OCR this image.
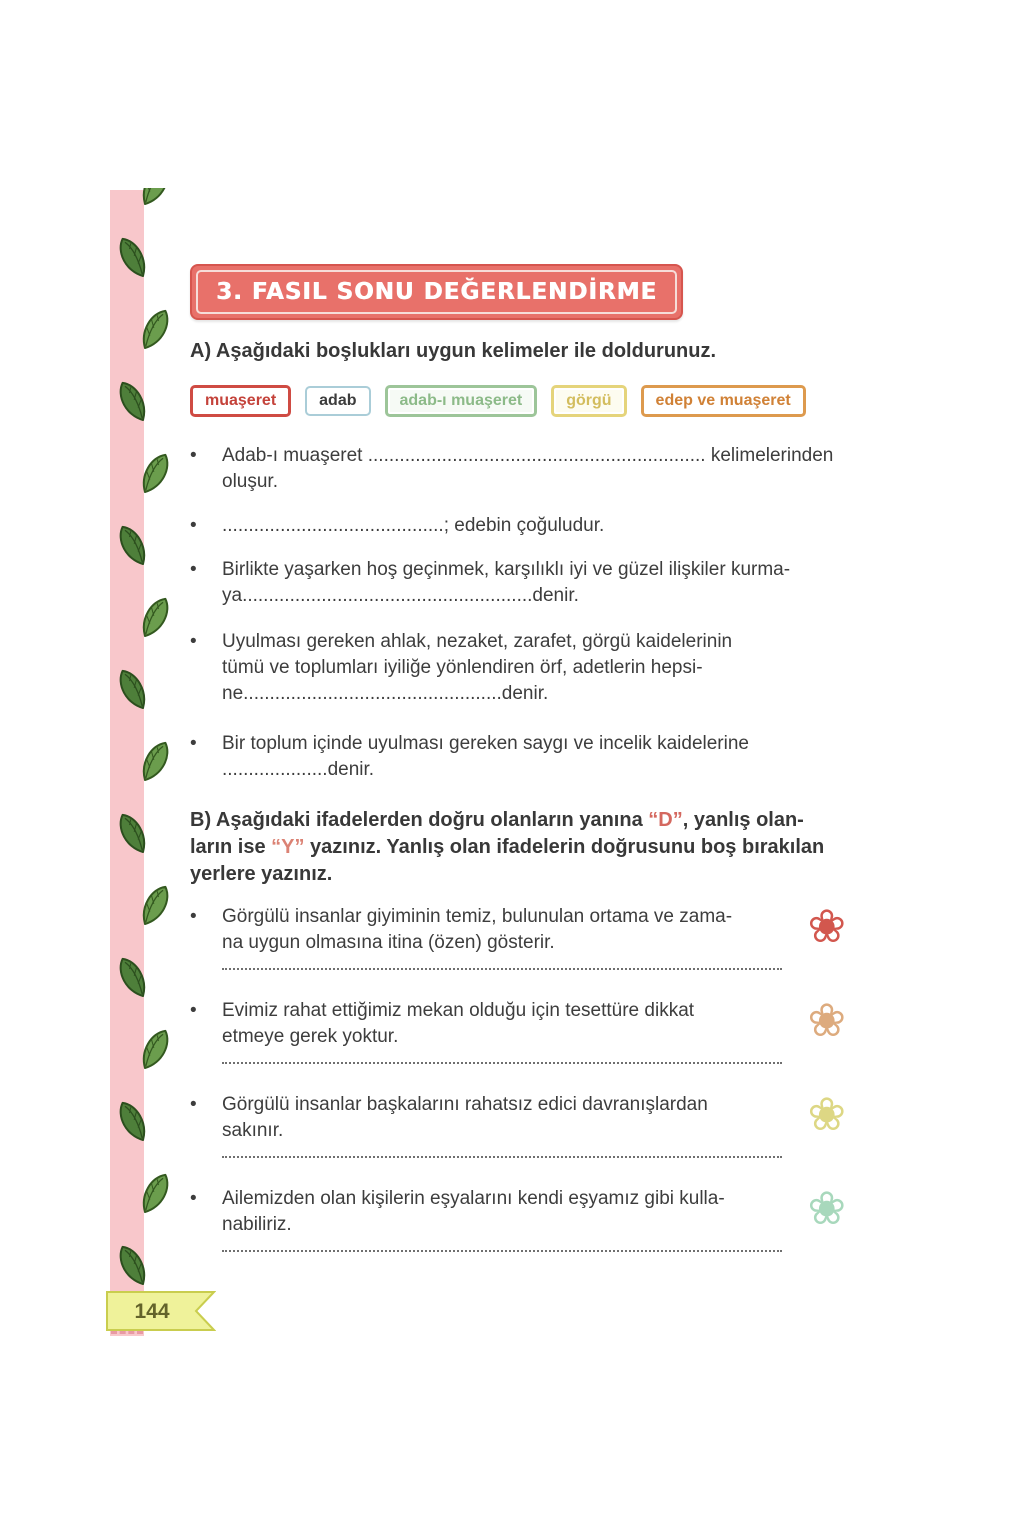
3. FASIL SONU DEĞERLENDİRME
A) Aşağıdaki boşlukları uygun kelimeler ile doldurunuz.
muaşeret	adab	adab-ı muaşeret	görgü	edep ve muaşeret
•
Adab-ı muaşeret ................................................................ kelimelerinden
oluşur.
•
..........................................; edebin çoğuludur.
•
Birlikte yaşarken hoş geçinmek, karşılıklı iyi ve güzel ilişkiler kurma-
ya.......................................................denir.
•
Uyulması gereken ahlak, nezaket, zarafet, görgü kaidelerinin
tümü ve toplumları iyiliğe yönlendiren örf, adetlerin hepsi-
ne.................................................denir.
•
Bir toplum içinde uyulması gereken saygı ve incelik kaidelerine
....................denir.
B) Aşağıdaki ifadelerden doğru olanların yanına “D”, yanlış olan-
ların ise “Y” yazınız. Yanlış olan ifadelerin doğrusunu boş bırakılan
yerlere yazınız.
•
Görgülü insanlar giyiminin temiz, bulunulan ortama ve zama-
na uygun olmasına itina (özen) gösterir.	❀
•
Evimiz rahat ettiğimiz mekan olduğu için tesettüre dikkat
etmeye gerek yoktur.	❀
•
Görgülü insanlar başkalarını rahatsız edici davranışlardan
sakınır.	❀
•
Ailemizden olan kişilerin eşyalarını kendi eşyamız gibi kulla-
nabiliriz.	❀
144
